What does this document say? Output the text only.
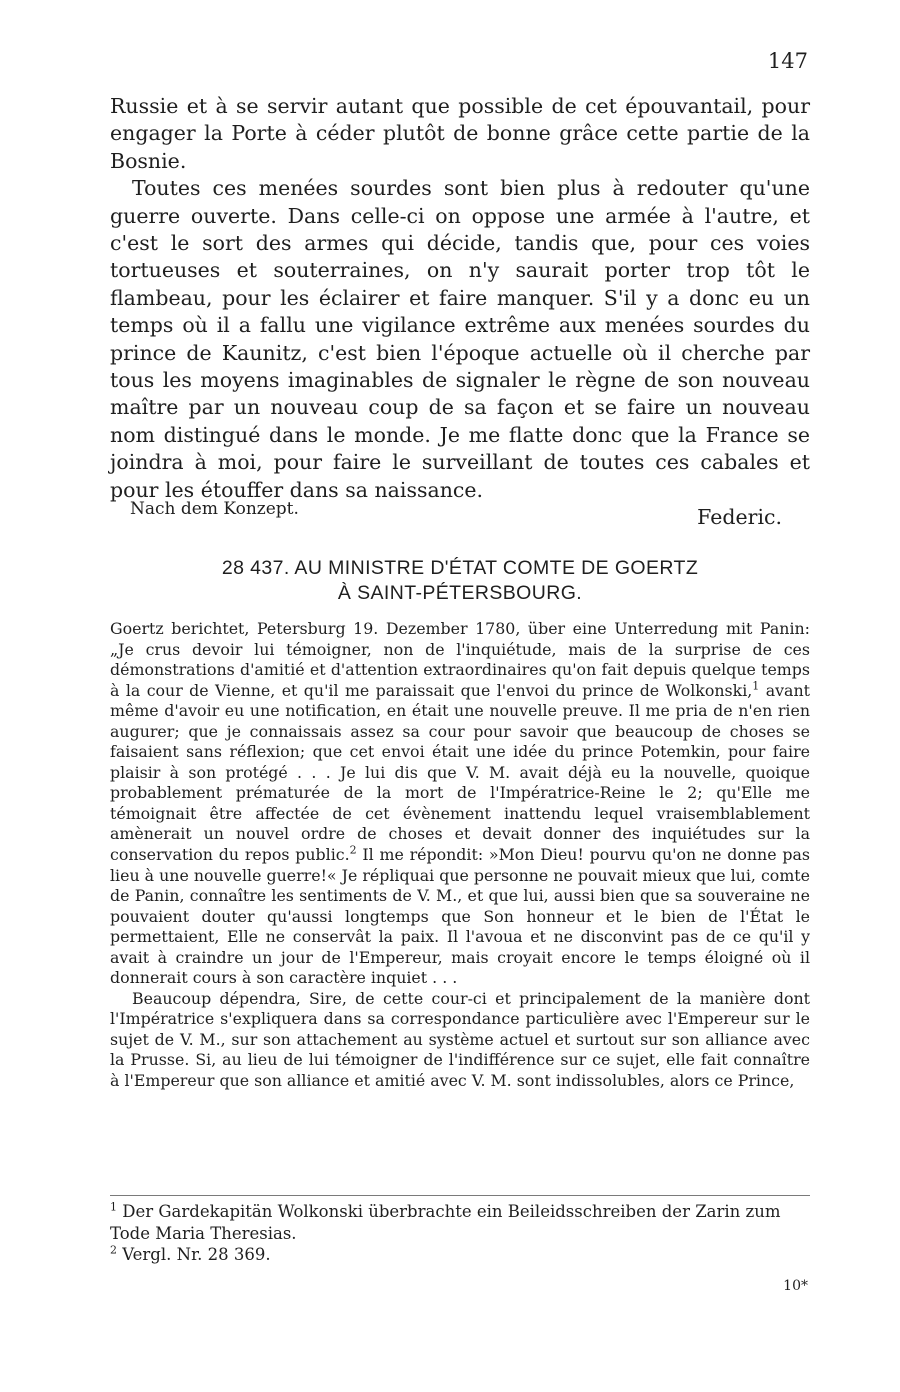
147

Russie et à se servir autant que possible de cet épouvantail, pour engager la Porte à céder plutôt de bonne grâce cette partie de la Bosnie.

Toutes ces menées sourdes sont bien plus à redouter qu'une guerre ouverte. Dans celle-ci on oppose une armée à l'autre, et c'est le sort des armes qui décide, tandis que, pour ces voies tortueuses et souterraines, on n'y saurait porter trop tôt le flambeau, pour les éclairer et faire manquer. S'il y a donc eu un temps où il a fallu une vigilance extrême aux menées sourdes du prince de Kaunitz, c'est bien l'époque actuelle où il cherche par tous les moyens imaginables de signaler le règne de son nouveau maître par un nouveau coup de sa façon et se faire un nouveau nom distingué dans le monde. Je me flatte donc que la France se joindra à moi, pour faire le surveillant de toutes ces cabales et pour les étouffer dans sa naissance.

Federic.

Nach dem Konzept.
28 437. AU MINISTRE D'ÉTAT COMTE DE GOERTZ
À SAINT-PÉTERSBOURG.

Goertz berichtet, Petersburg 19. Dezember 1780, über eine Unterredung mit Panin: „Je crus devoir lui témoigner, non de l'inquiétude, mais de la surprise de ces démonstrations d'amitié et d'attention extraordinaires qu'on fait depuis quelque temps à la cour de Vienne, et qu'il me paraissait que l'envoi du prince de Wolkonski,$^1$ avant même d'avoir eu une notification, en était une nouvelle preuve. Il me pria de n'en rien augurer; que je connaissais assez sa cour pour savoir que beaucoup de choses se faisaient sans réflexion; que cet envoi était une idée du prince Potemkin, pour faire plaisir à son protégé . . . Je lui dis que V. M. avait déjà eu la nouvelle, quoique probablement prématurée de la mort de l'Impératrice-Reine le 2; qu'Elle me témoignait être affectée de cet évènement inattendu lequel vraisemblablement amènerait un nouvel ordre de choses et devait donner des inquiétudes sur la conservation du repos public.$^2$ Il me répondit: »Mon Dieu! pourvu qu'on ne donne pas lieu à une nouvelle guerre!« Je répliquai que personne ne pouvait mieux que lui, comte de Panin, connaître les sentiments de V. M., et que lui, aussi bien que sa souveraine ne pouvaient douter qu'aussi longtemps que Son honneur et le bien de l'État le permettaient, Elle ne conservât la paix. Il l'avoua et ne disconvint pas de ce qu'il y avait à craindre un jour de l'Empereur, mais croyait encore le temps éloigné où il donnerait cours à son caractère inquiet . . .

Beaucoup dépendra, Sire, de cette cour-ci et principalement de la manière dont l'Impératrice s'expliquera dans sa correspondance particulière avec l'Empereur sur le sujet de V. M., sur son attachement au système actuel et surtout sur son alliance avec la Prusse. Si, au lieu de lui témoigner de l'indifférence sur ce sujet, elle fait connaître à l'Empereur que son alliance et amitié avec V. M. sont indissolubles, alors ce Prince,

$^1$ Der Gardekapitän Wolkonski überbrachte ein Beileidsschreiben der Zarin zum Tode Maria Theresias.

$^2$ Vergl. Nr. 28 369.

10*
